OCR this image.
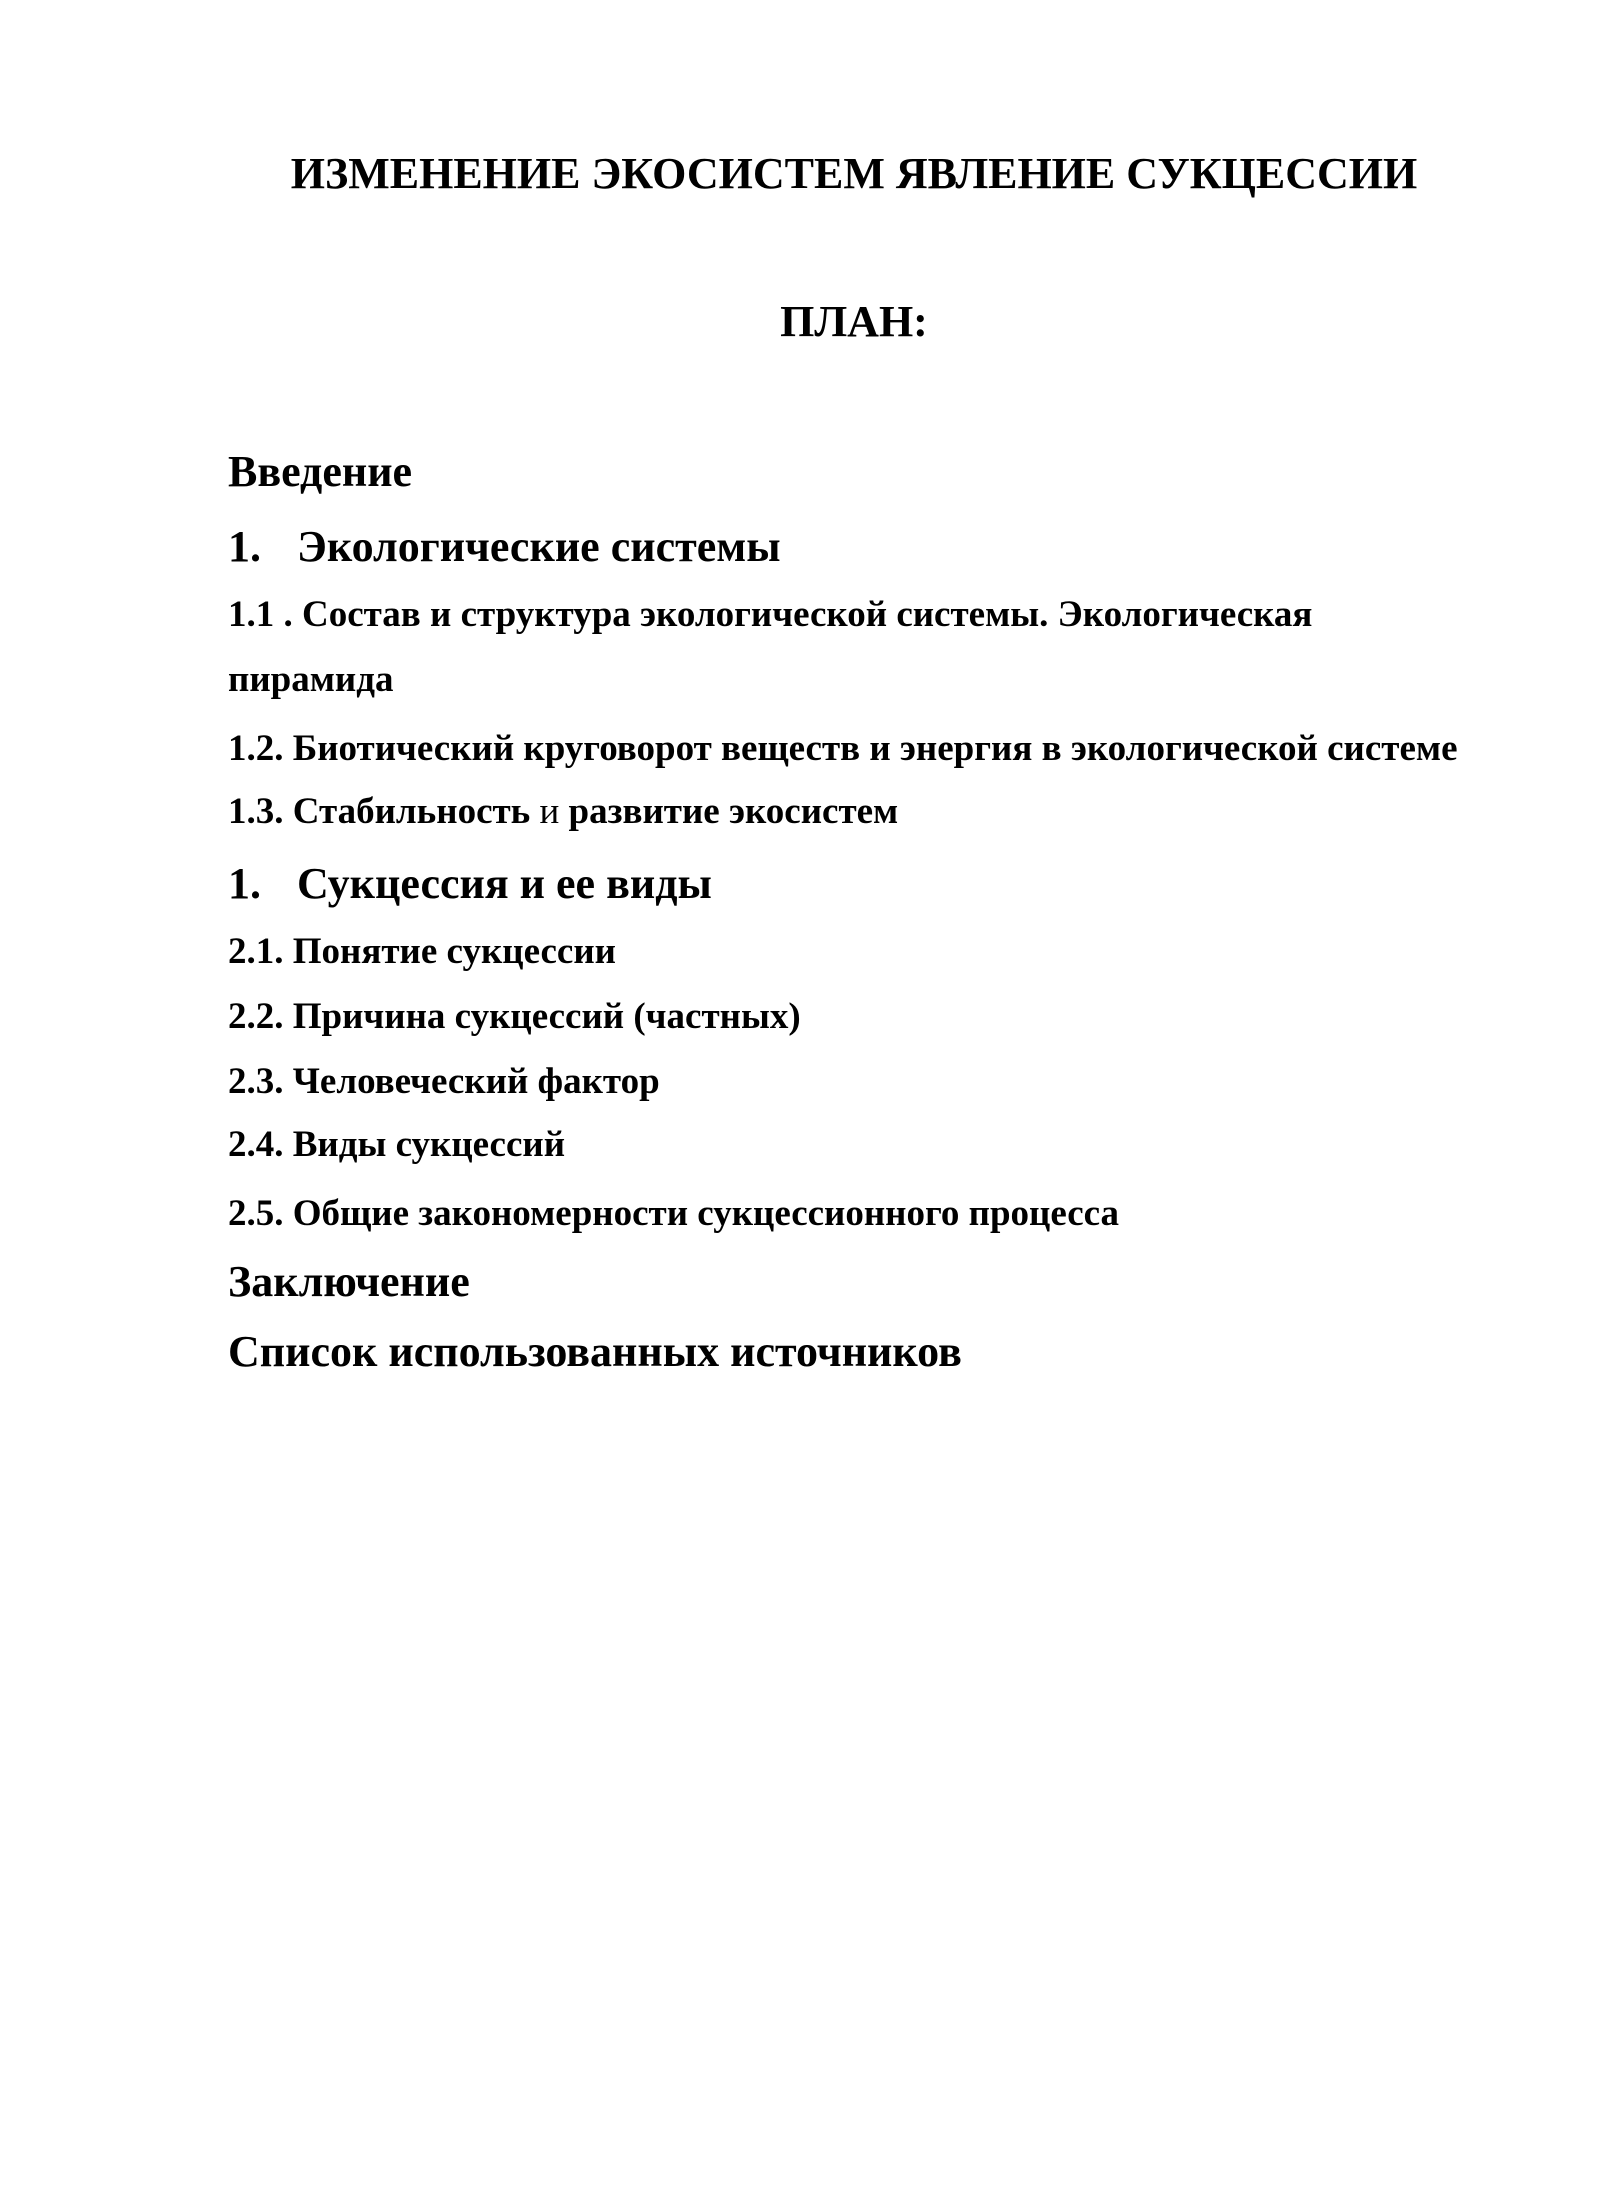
ИЗМЕНЕНИЕ ЭКОСИСТЕМ ЯВЛЕНИЕ СУКЦЕССИИ
ПЛАН:
Введение
1. Экологические системы
1.1 . Состав и структура экологической системы. Экологическая
пирамида
1.2. Биотический круговорот веществ и энергия в экологической системе
1.3. Стабильность и развитие экосистем
1. Сукцессия и ее виды
2.1. Понятие сукцессии
2.2. Причина сукцессий (частных)
2.3. Человеческий фактор
2.4. Виды сукцессий
2.5. Общие закономерности сукцессионного процесса
Заключение
Список использованных источников
